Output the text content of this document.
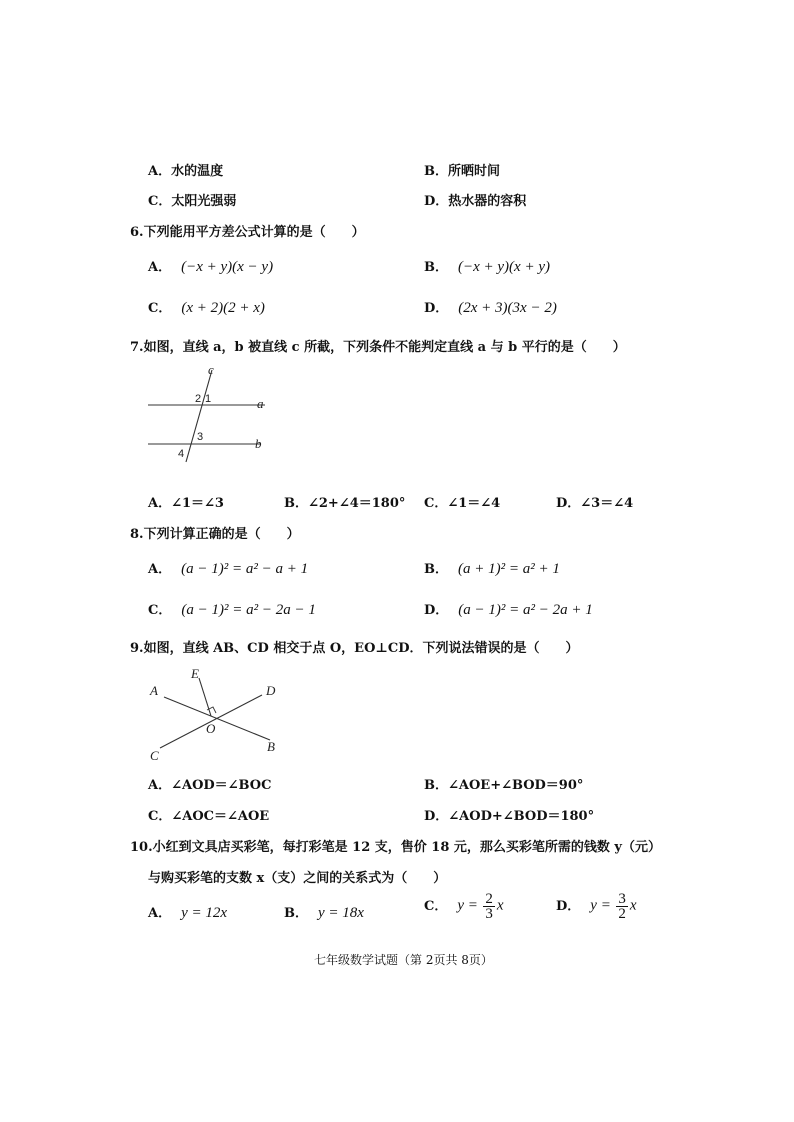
A．水的温度	B．所晒时间
C．太阳光强弱	D．热水器的容积
6.下列能用平方差公式计算的是（　　）
A． (−x + y)(x − y)	B． (−x + y)(x + y)
C． (x + 2)(2 + x)	D． (2x + 3)(3x − 2)
7.如图，直线 a，b 被直线 c 所截，下列条件不能判定直线 a 与 b 平行的是（　　）
c
a
b
2 1
3
4
A．∠1＝∠3	B．∠2+∠4＝180° C．∠1＝∠4	D．∠3＝∠4
8.下列计算正确的是（　　）
A． (a − 1)² = a² − a + 1	B． (a + 1)² = a² + 1
C． (a − 1)² = a² − 2a − 1	D． (a − 1)² = a² − 2a + 1
9.如图，直线 AB、CD 相交于点 O，EO⊥CD．下列说法错误的是（　　）
A
B
C
D
E
O
A．∠AOD＝∠BOC	B．∠AOE+∠BOD＝90°
C．∠AOC＝∠AOE	D．∠AOD+∠BOD＝180°
10.小红到文具店买彩笔，每打彩笔是 12 支，售价 18 元，那么买彩笔所需的钱数 y（元）
与购买彩笔的支数 x（支）之间的关系式为（　　）
A． y = 12x	B． y = 18x	C． $y = \frac{2}{3}$ x	D． $y = \frac{3}{2}$ x
七年级数学试题（第 2页共 8页）
